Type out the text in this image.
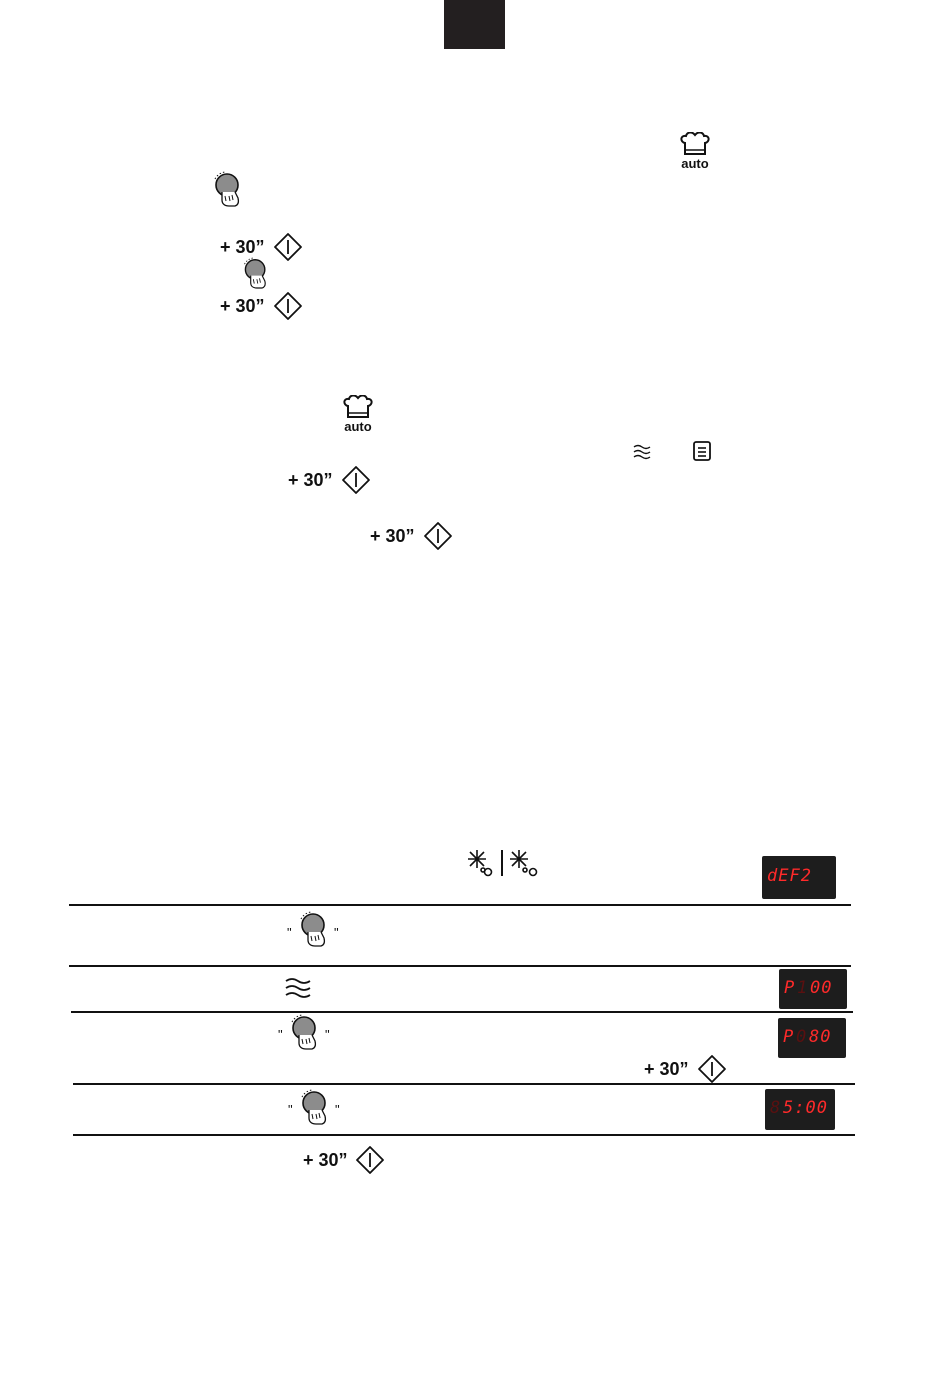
auto
+ 30”
+ 30”
auto
+ 30”
+ 30”
dEF2
"	"
P 1 00
"	"	P 0 80
+ 30”
"	"	8 5:00
+ 30”
